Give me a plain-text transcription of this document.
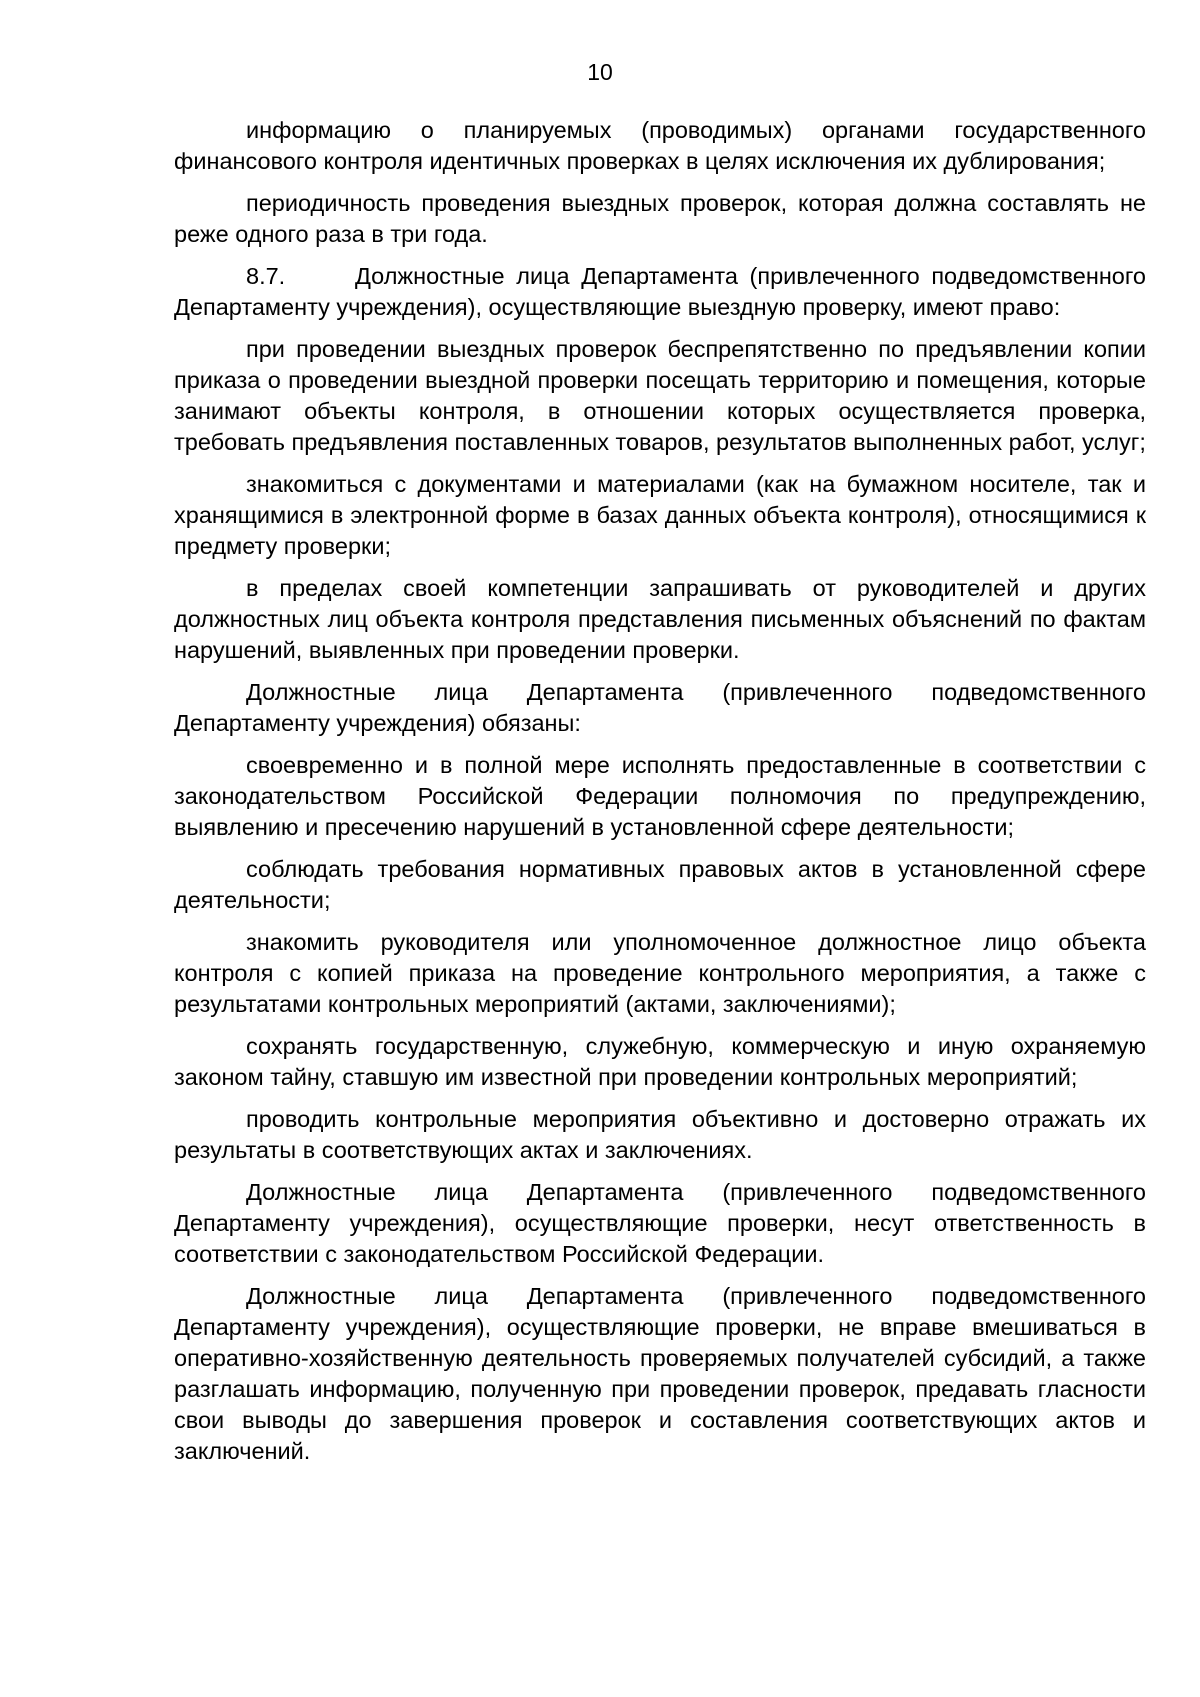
10

информацию о планируемых (проводимых) органами государственного финансового контроля идентичных проверках в целях исключения их дублирования;

периодичность проведения выездных проверок, которая должна составлять не реже одного раза в три года.

8.7.      Должностные лица Департамента (привлеченного подведомственного Департаменту учреждения), осуществляющие выездную проверку, имеют право:

при проведении выездных проверок беспрепятственно по предъявлении копии приказа о проведении выездной проверки посещать территорию и помещения, которые занимают объекты контроля, в отношении которых осуществляется проверка, требовать предъявления поставленных товаров, результатов выполненных работ, услуг;

знакомиться с документами и материалами (как на бумажном носителе, так и хранящимися в электронной форме в базах данных объекта контроля), относящимися к предмету проверки;

в пределах своей компетенции запрашивать от руководителей и других должностных лиц объекта контроля представления письменных объяснений по фактам нарушений, выявленных при проведении проверки.

Должностные лица Департамента (привлеченного подведомственного Департаменту учреждения) обязаны:

своевременно и в полной мере исполнять предоставленные в соответствии с законодательством Российской Федерации полномочия по предупреждению, выявлению и пресечению нарушений в установленной сфере деятельности;

соблюдать требования нормативных правовых актов в установленной сфере деятельности;

знакомить руководителя или уполномоченное должностное лицо объекта контроля с копией приказа на проведение контрольного мероприятия, а также с результатами контрольных мероприятий (актами, заключениями);

сохранять государственную, служебную, коммерческую и иную охраняемую законом тайну, ставшую им известной при проведении контрольных мероприятий;

проводить контрольные мероприятия объективно и достоверно отражать их результаты в соответствующих актах и заключениях.

Должностные лица Департамента (привлеченного подведомственного Департаменту учреждения), осуществляющие проверки, несут ответственность в соответствии с законодательством Российской Федерации.

Должностные лица Департамента (привлеченного подведомственного Департаменту учреждения), осуществляющие проверки, не вправе вмешиваться в оперативно-хозяйственную деятельность проверяемых получателей субсидий, а также разглашать информацию, полученную при проведении проверок, предавать гласности свои выводы до завершения проверок и составления соответствующих актов и заключений.
